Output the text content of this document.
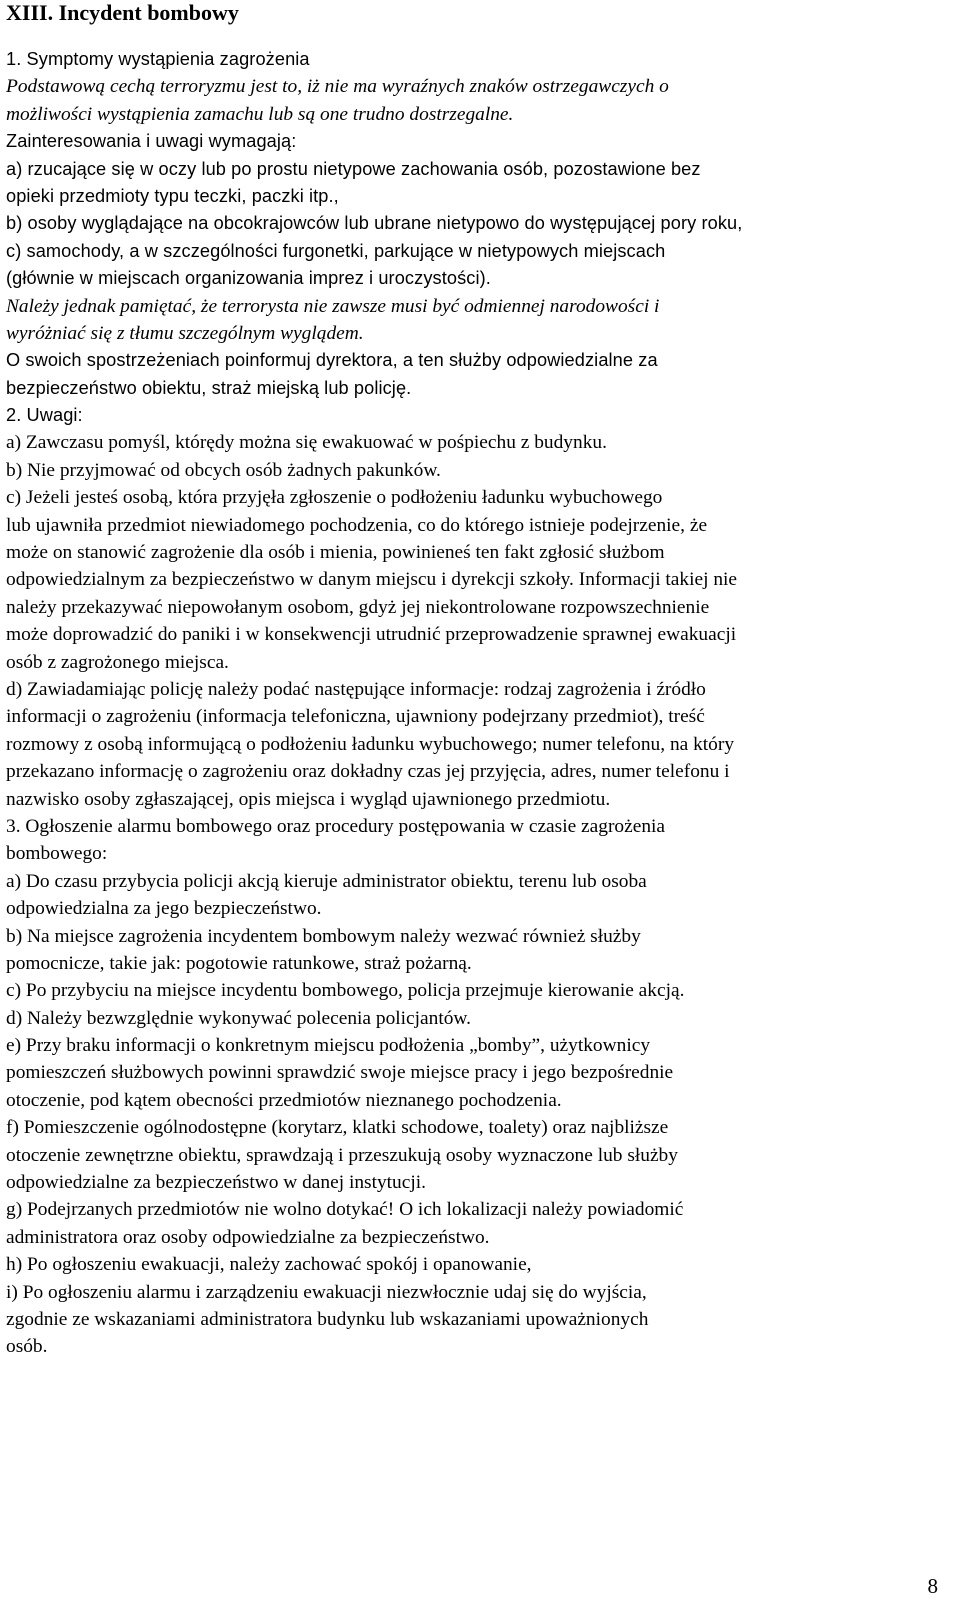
XIII. Incydent bombowy
1. Symptomy wystąpienia zagrożenia
Podstawową cechą terroryzmu jest to, iż nie ma wyraźnych znaków ostrzegawczych o
możliwości wystąpienia zamachu lub są one trudno dostrzegalne.
Zainteresowania i uwagi wymagają:
a) rzucające się w oczy lub po prostu nietypowe zachowania osób, pozostawione bez
opieki przedmioty typu teczki, paczki itp.,
b) osoby wyglądające na obcokrajowców lub ubrane nietypowo do występującej pory roku,
c) samochody, a w szczególności furgonetki, parkujące w nietypowych miejscach
(głównie w miejscach organizowania imprez i uroczystości).
Należy jednak pamiętać, że terrorysta nie zawsze musi być odmiennej narodowości i
wyróżniać się z tłumu szczególnym wyglądem.
O swoich spostrzeżeniach poinformuj dyrektora, a ten służby odpowiedzialne za
bezpieczeństwo obiektu, straż miejską lub policję.
2. Uwagi:
a) Zawczasu pomyśl, którędy można się ewakuować w pośpiechu z budynku.
b) Nie przyjmować od obcych osób żadnych pakunków.
c) Jeżeli jesteś osobą, która przyjęła zgłoszenie o podłożeniu ładunku wybuchowego
lub ujawniła przedmiot niewiadomego pochodzenia, co do którego istnieje podejrzenie, że
może on stanowić zagrożenie dla osób i mienia, powinieneś ten fakt zgłosić służbom
odpowiedzialnym za bezpieczeństwo w danym miejscu i dyrekcji szkoły. Informacji takiej nie
należy przekazywać niepowołanym osobom, gdyż jej niekontrolowane rozpowszechnienie
może doprowadzić do paniki i w konsekwencji utrudnić przeprowadzenie sprawnej ewakuacji
osób z zagrożonego miejsca.
d) Zawiadamiając policję należy podać następujące informacje: rodzaj zagrożenia i źródło
informacji o zagrożeniu (informacja telefoniczna, ujawniony podejrzany przedmiot), treść
rozmowy z osobą informującą o podłożeniu ładunku wybuchowego; numer telefonu, na który
przekazano informację o zagrożeniu oraz dokładny czas jej przyjęcia, adres, numer telefonu i
nazwisko osoby zgłaszającej, opis miejsca i wygląd ujawnionego przedmiotu.
3. Ogłoszenie alarmu bombowego oraz procedury postępowania w czasie zagrożenia
bombowego:
a) Do czasu przybycia policji akcją kieruje administrator obiektu, terenu lub osoba
odpowiedzialna za jego bezpieczeństwo.
b) Na miejsce zagrożenia incydentem bombowym należy wezwać również służby
pomocnicze, takie jak: pogotowie ratunkowe, straż pożarną.
c) Po przybyciu na miejsce incydentu bombowego, policja przejmuje kierowanie akcją.
d) Należy bezwzględnie wykonywać polecenia policjantów.
e) Przy braku informacji o konkretnym miejscu podłożenia „bomby”, użytkownicy
pomieszczeń służbowych powinni sprawdzić swoje miejsce pracy i jego bezpośrednie
otoczenie, pod kątem obecności przedmiotów nieznanego pochodzenia.
f) Pomieszczenie ogólnodostępne (korytarz, klatki schodowe, toalety) oraz najbliższe
otoczenie zewnętrzne obiektu, sprawdzają i przeszukują osoby wyznaczone lub służby
odpowiedzialne za bezpieczeństwo w danej instytucji.
g) Podejrzanych przedmiotów nie wolno dotykać! O ich lokalizacji należy powiadomić
administratora oraz osoby odpowiedzialne za bezpieczeństwo.
h) Po ogłoszeniu ewakuacji, należy zachować spokój i opanowanie,
i) Po ogłoszeniu alarmu i zarządzeniu ewakuacji niezwłocznie udaj się do wyjścia,
zgodnie ze wskazaniami administratora budynku lub wskazaniami upoważnionych
osób.
8
